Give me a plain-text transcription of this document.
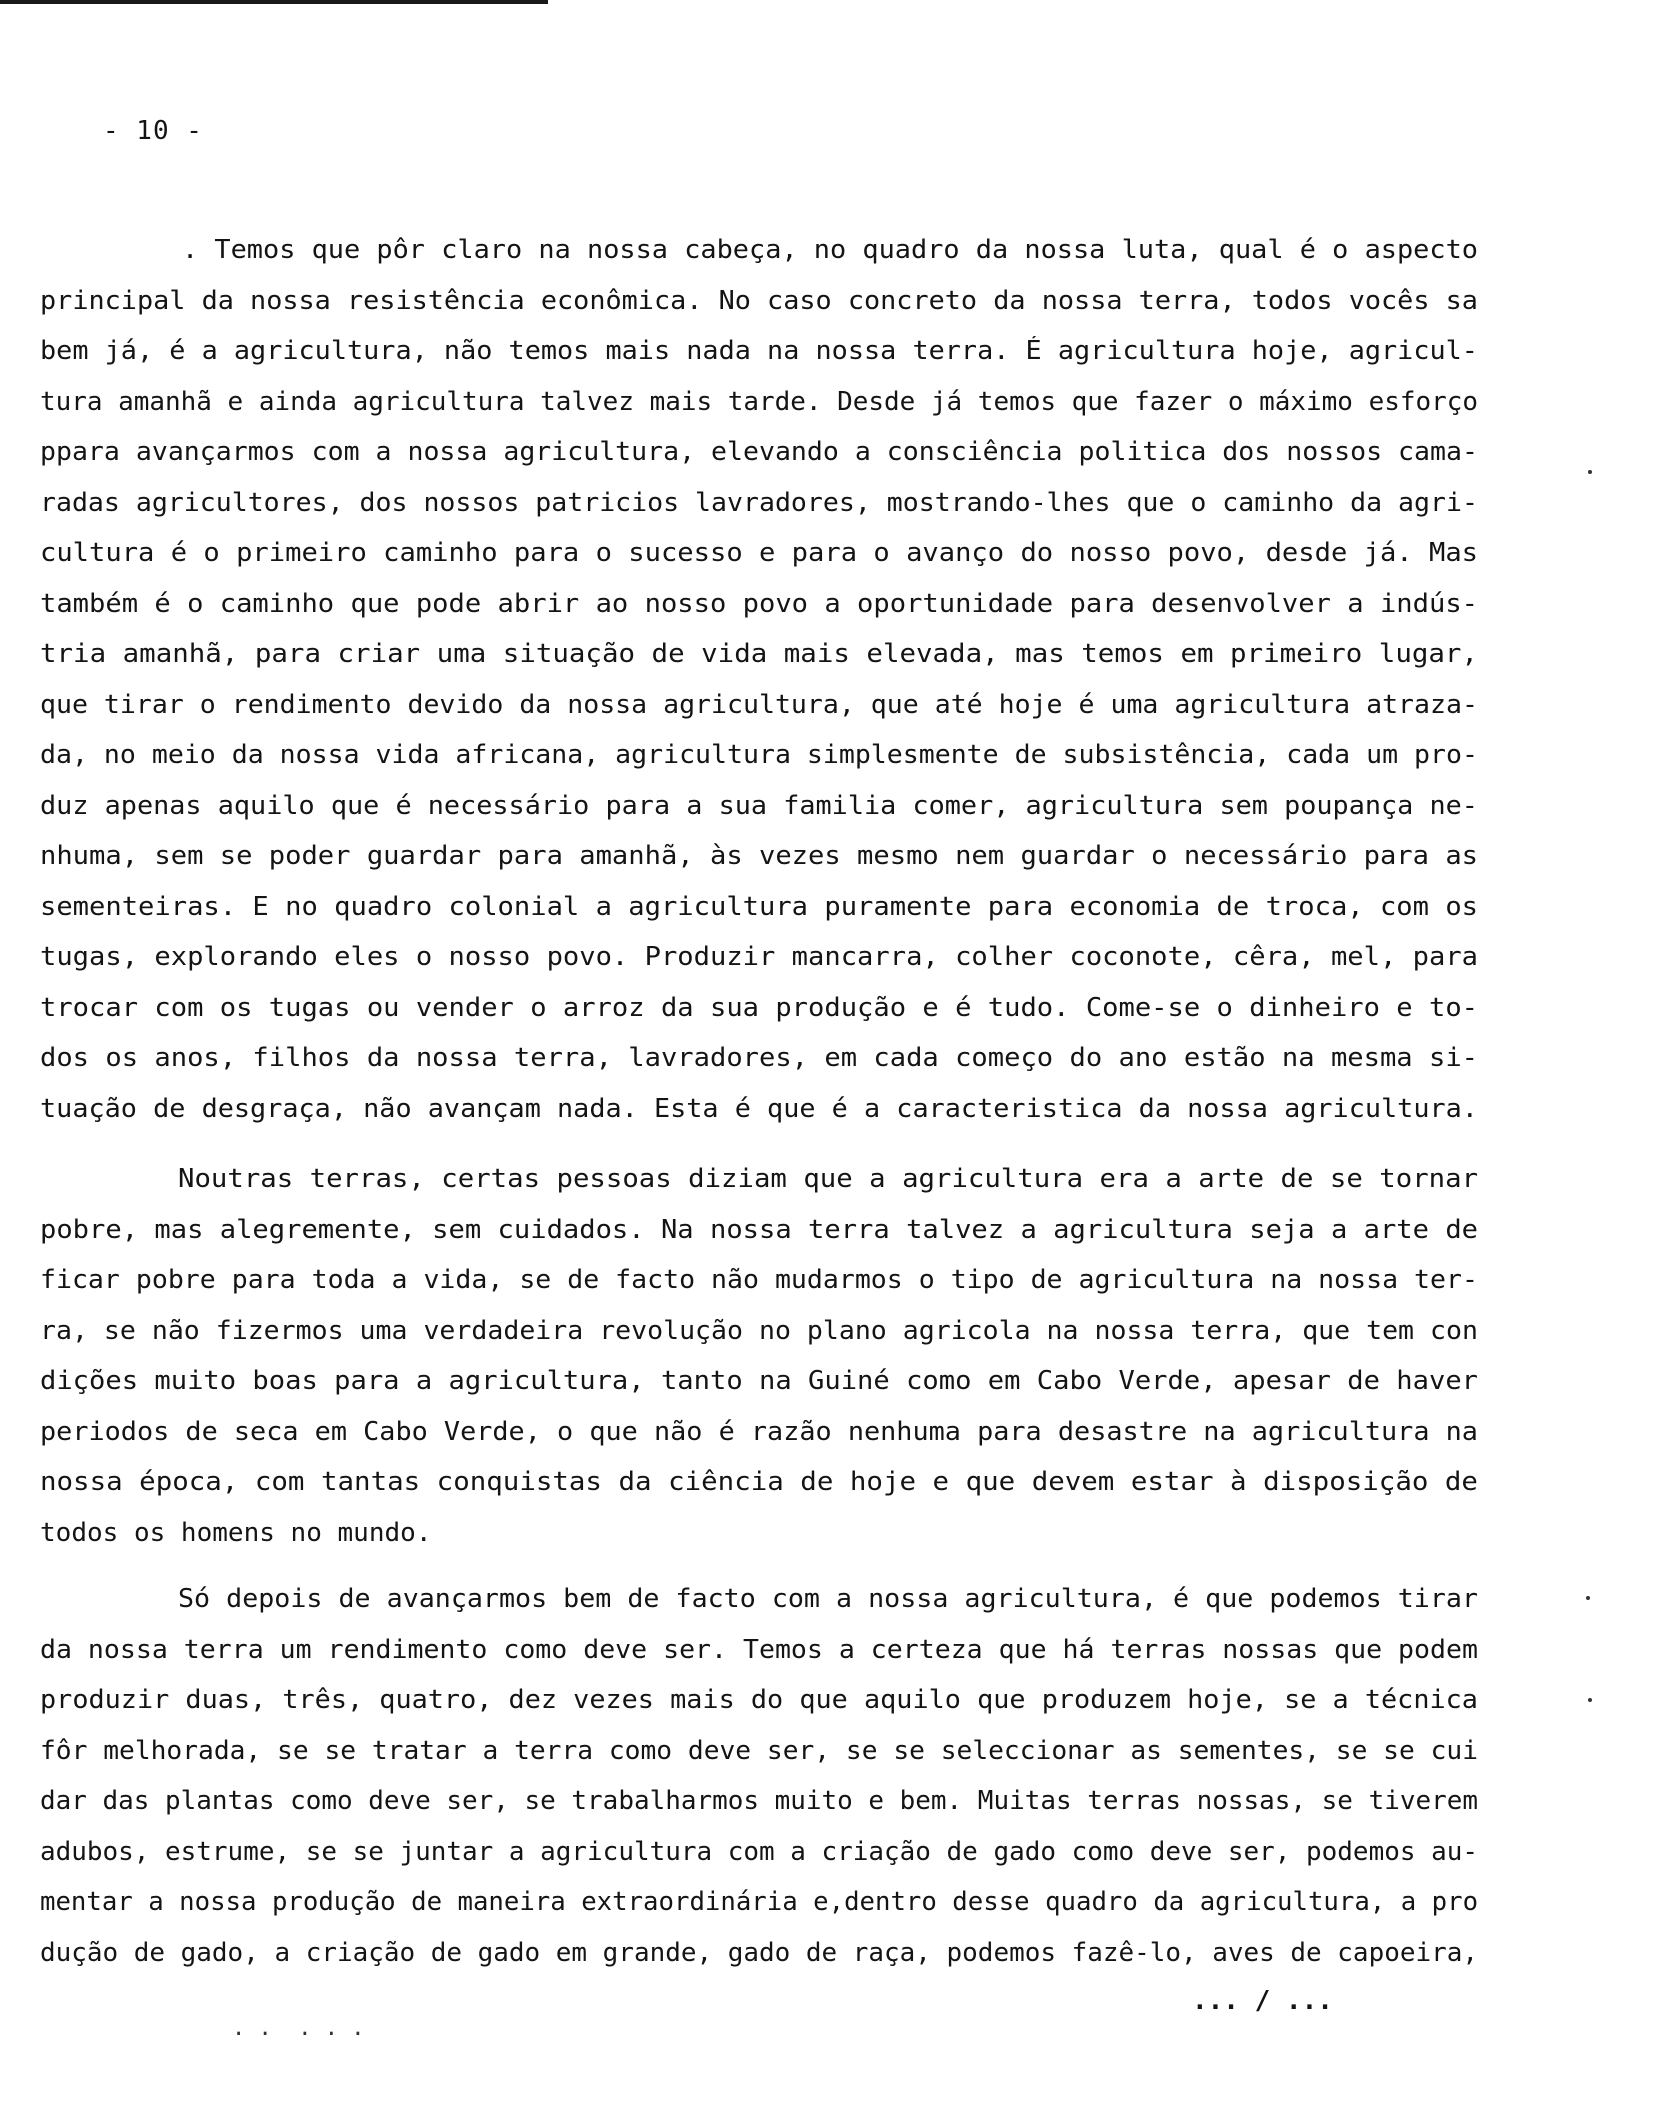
- 10 -
. Temos que pôr claro na nossa cabeça, no quadro da nossa luta, qual é o aspecto
principal da nossa resistência econômica. No caso concreto da nossa terra, todos vocês sa
bem já, é a agricultura, não temos mais nada na nossa terra. É agricultura hoje, agricul-
tura amanhã e ainda agricultura talvez mais tarde. Desde já temos que fazer o máximo esforço
ppara avançarmos com a nossa agricultura, elevando a consciência politica dos nossos cama-
radas agricultores, dos nossos patricios lavradores, mostrando-lhes que o caminho da agri-
cultura é o primeiro caminho para o sucesso e para o avanço do nosso povo, desde já. Mas
também é o caminho que pode abrir ao nosso povo a oportunidade para desenvolver a indús-
tria amanhã, para criar uma situação de vida mais elevada, mas temos em primeiro lugar,
que tirar o rendimento devido da nossa agricultura, que até hoje é uma agricultura atraza-
da, no meio da nossa vida africana, agricultura simplesmente de subsistência, cada um pro-
duz apenas aquilo que é necessário para a sua familia comer, agricultura sem poupança ne-
nhuma, sem se poder guardar para amanhã, às vezes mesmo nem guardar o necessário para as
sementeiras. E no quadro colonial a agricultura puramente para economia de troca, com os
tugas, explorando eles o nosso povo. Produzir mancarra, colher coconote, cêra, mel, para
trocar com os tugas ou vender o arroz da sua produção e é tudo. Come-se o dinheiro e to-
dos os anos, filhos da nossa terra, lavradores, em cada começo do ano estão na mesma si-
tuação de desgraça, não avançam nada. Esta é que é a caracteristica da nossa agricultura.
Noutras terras, certas pessoas diziam que a agricultura era a arte de se tornar
pobre, mas alegremente, sem cuidados. Na nossa terra talvez a agricultura seja a arte de
ficar pobre para toda a vida, se de facto não mudarmos o tipo de agricultura na nossa ter-
ra, se não fizermos uma verdadeira revolução no plano agricola na nossa terra, que tem con
dições muito boas para a agricultura, tanto na Guiné como em Cabo Verde, apesar de haver
periodos de seca em Cabo Verde, o que não é razão nenhuma para desastre na agricultura na
nossa época, com tantas conquistas da ciência de hoje e que devem estar à disposição de
todos os homens no mundo.
Só depois de avançarmos bem de facto com a nossa agricultura, é que podemos tirar
da nossa terra um rendimento como deve ser. Temos a certeza que há terras nossas que podem
produzir duas, três, quatro, dez vezes mais do que aquilo que produzem hoje, se a técnica
fôr melhorada, se se tratar a terra como deve ser, se se seleccionar as sementes, se se cui
dar das plantas como deve ser, se trabalharmos muito e bem. Muitas terras nossas, se tiverem
adubos, estrume, se se juntar a agricultura com a criação de gado como deve ser, podemos au-
mentar a nossa produção de maneira extraordinária e,dentro desse quadro da agricultura, a pro
dução de gado, a criação de gado em grande, gado de raça, podemos fazê-lo, aves de capoeira,
. .  . . .
... / ...
